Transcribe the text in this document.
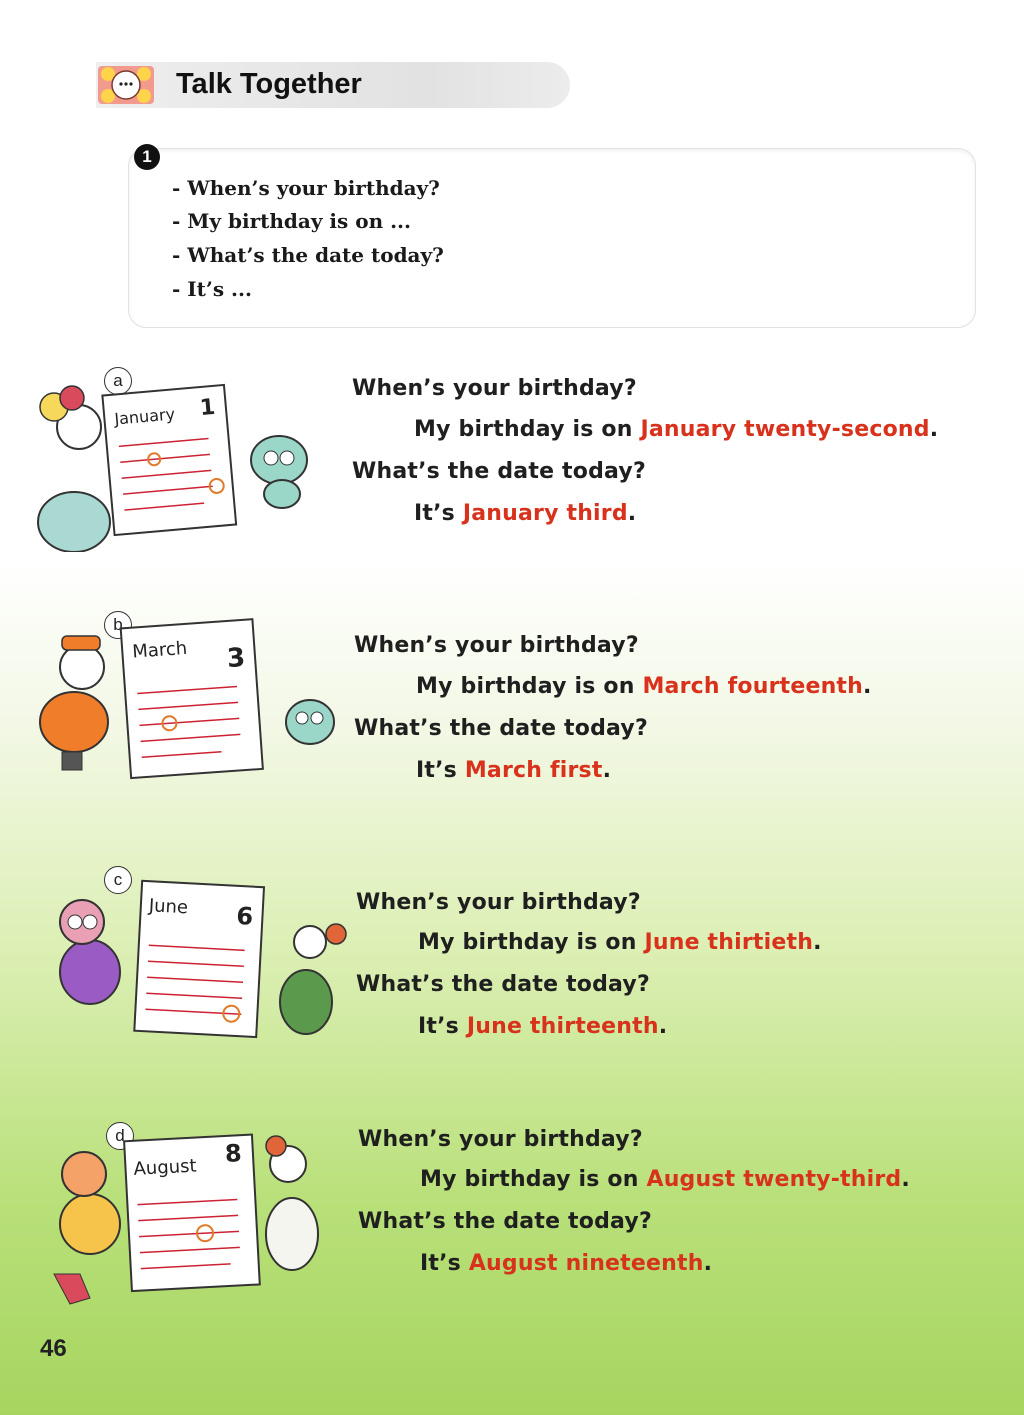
Talk Together
1
- When’s your birthday?
- My birthday is on ...
- What’s the date today?
- It’s ...
a
January 1
When’s your birthday?
My birthday is on January twenty-second.
What’s the date today?
It’s January third.
b
March 3	When’s your birthday?
My birthday is on March fourteenth.
What’s the date today?
It’s March first.
c
June 6	When’s your birthday?
My birthday is on June thirtieth.
What’s the date today?
It’s June thirteenth.
d
August 8	When’s your birthday?
My birthday is on August twenty-third.
What’s the date today?
It’s August nineteenth.
46
